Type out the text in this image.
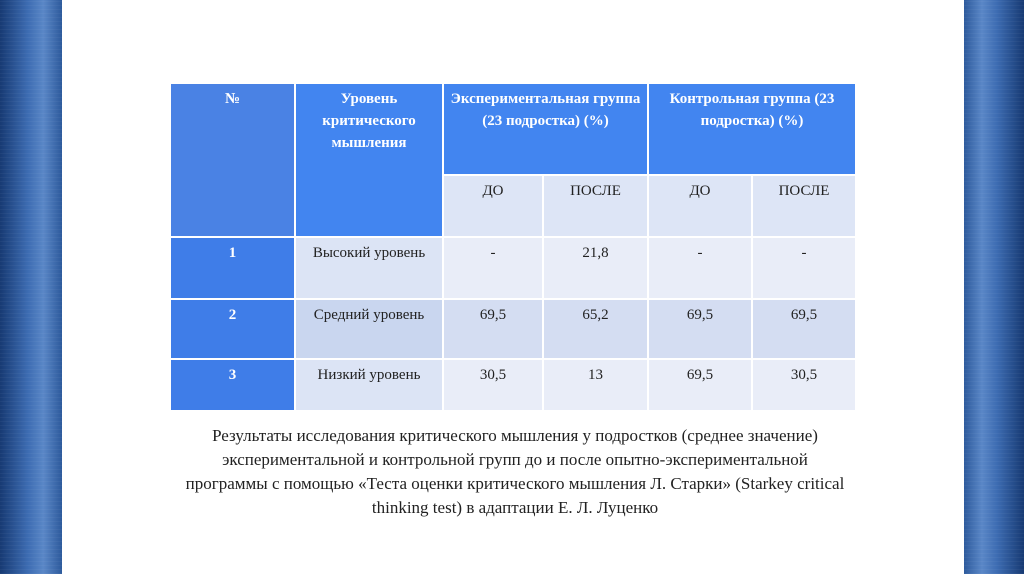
№	Уровень критического мышления	Экспериментальная группа (23 подростка) (%)		Контрольная группа (23 подростка) (%)	
		ДО	ПОСЛЕ	ДО	ПОСЛЕ
1	Высокий уровень	-	21,8	-	-
2	Средний уровень	69,5	65,2	69,5	69,5
3	Низкий уровень	30,5	13	69,5	30,5
Результаты исследования критического мышления у подростков (среднее значение) экспериментальной и контрольной групп до и после опытно-экспериментальной программы с помощью «Теста оценки критического мышления Л. Старки» (Starkey critical thinking test) в адаптации Е. Л. Луценко
